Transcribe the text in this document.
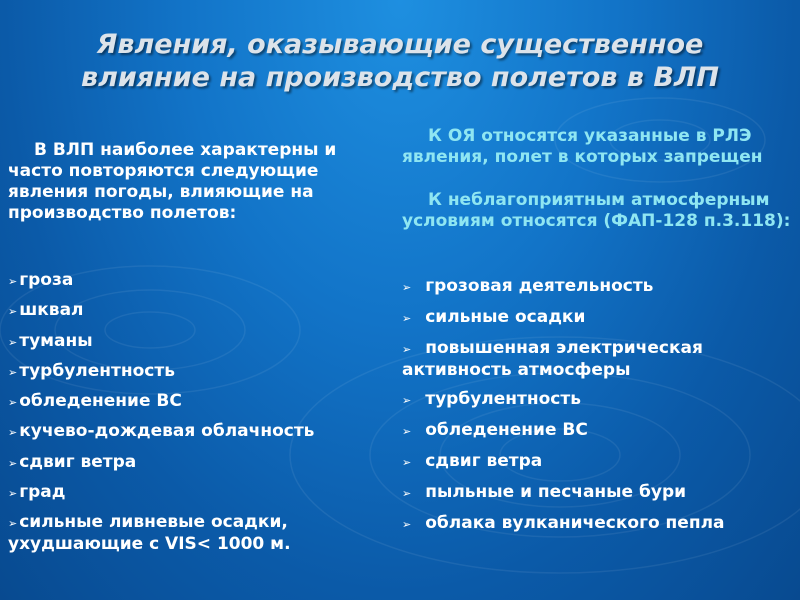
Явления, оказывающие существенное
влияние на производство полетов в ВЛП

В ВЛП наиболее характерны и часто повторяются следующие явления погоды, влияющие на производство полетов:

➢ гроза
➢ шквал
➢ туманы
➢ турбулентность
➢ обледенение ВС
➢ кучево-дождевая облачность
➢ сдвиг ветра
➢ град
➢ сильные ливневые осадки, ухудшающие с VIS< 1000 м.

К ОЯ относятся указанные в РЛЭ явления, полет в которых запрещен

К неблагоприятным атмосферным условиям относятся (ФАП-128 п.3.118):

➢ грозовая деятельность
➢ сильные осадки
➢ повышенная электрическая активность атмосферы
➢ турбулентность
➢ обледенение ВС
➢ сдвиг ветра
➢ пыльные и песчаные бури
➢ облака вулканического пепла
